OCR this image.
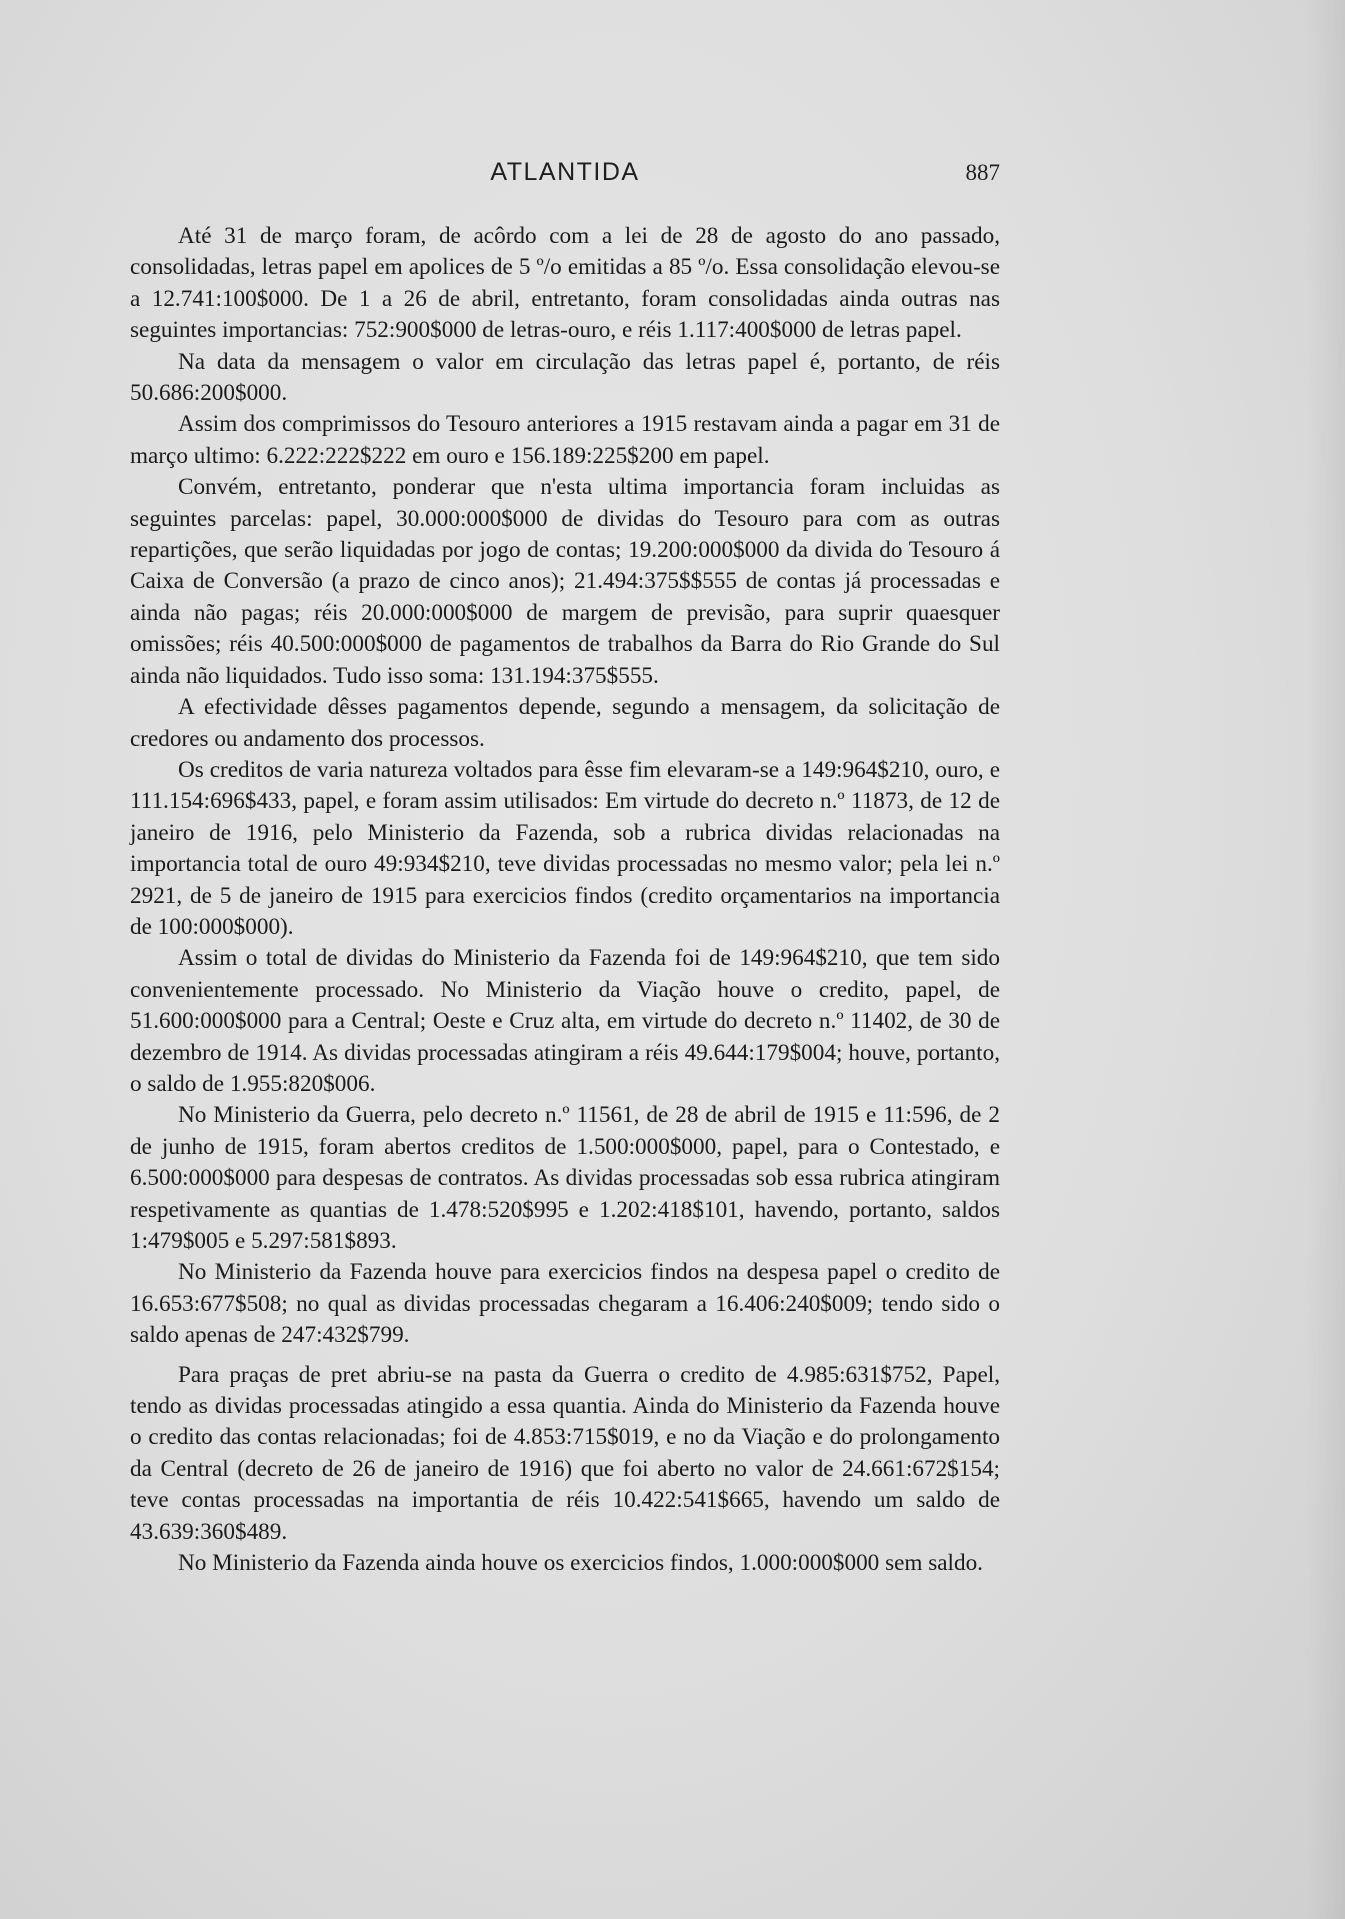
ATLANTIDA	887

Até 31 de março foram, de acôrdo com a lei de 28 de agosto do ano passado, consolidadas, letras papel em apolices de 5 º/o emitidas a 85 º/o. Essa consolidação elevou-se a 12.741:100$000. De 1 a 26 de abril, entretanto, foram consolidadas ainda outras nas seguintes importancias: 752:900$000 de letras-ouro, e réis 1.117:400$000 de letras papel.

Na data da mensagem o valor em circulação das letras papel é, portanto, de réis 50.686:200$000.

Assim dos comprimissos do Tesouro anteriores a 1915 restavam ainda a pagar em 31 de março ultimo: 6.222:222$222 em ouro e 156.189:225$200 em papel.

Convém, entretanto, ponderar que n'esta ultima importancia foram incluidas as seguintes parcelas: papel, 30.000:000$000 de dividas do Tesouro para com as outras repartições, que serão liquidadas por jogo de contas; 19.200:000$000 da divida do Tesouro á Caixa de Conversão (a prazo de cinco anos); 21.494:375$$555 de contas já processadas e ainda não pagas; réis 20.000:000$000 de margem de previsão, para suprir quaesquer omissões; réis 40.500:000$000 de pagamentos de trabalhos da Barra do Rio Grande do Sul ainda não liquidados. Tudo isso soma: 131.194:375$555.

A efectividade dêsses pagamentos depende, segundo a mensagem, da solicitação de credores ou andamento dos processos.

Os creditos de varia natureza voltados para êsse fim elevaram-se a 149:964$210, ouro, e 111.154:696$433, papel, e foram assim utilisados: Em virtude do decreto n.º 11873, de 12 de janeiro de 1916, pelo Ministerio da Fazenda, sob a rubrica dividas relacionadas na importancia total de ouro 49:934$210, teve dividas processadas no mesmo valor; pela lei n.º 2921, de 5 de janeiro de 1915 para exercicios findos (credito orçamentarios na importancia de 100:000$000).

Assim o total de dividas do Ministerio da Fazenda foi de 149:964$210, que tem sido convenientemente processado. No Ministerio da Viação houve o credito, papel, de 51.600:000$000 para a Central; Oeste e Cruz alta, em virtude do decreto n.º 11402, de 30 de dezembro de 1914. As dividas processadas atingiram a réis 49.644:179$004; houve, portanto, o saldo de 1.955:820$006.

No Ministerio da Guerra, pelo decreto n.º 11561, de 28 de abril de 1915 e 11:596, de 2 de junho de 1915, foram abertos creditos de 1.500:000$000, papel, para o Contestado, e 6.500:000$000 para despesas de contratos. As dividas processadas sob essa rubrica atingiram respetivamente as quantias de 1.478:520$995 e 1.202:418$101, havendo, portanto, saldos 1:479$005 e 5.297:581$893.

No Ministerio da Fazenda houve para exercicios findos na despesa papel o credito de 16.653:677$508; no qual as dividas processadas chegaram a 16.406:240$009; tendo sido o saldo apenas de 247:432$799.

Para praças de pret abriu-se na pasta da Guerra o credito de 4.985:631$752, Papel, tendo as dividas processadas atingido a essa quantia. Ainda do Ministerio da Fazenda houve o credito das contas relacionadas; foi de 4.853:715$019, e no da Viação e do prolongamento da Central (decreto de 26 de janeiro de 1916) que foi aberto no valor de 24.661:672$154; teve contas processadas na importantia de réis 10.422:541$665, havendo um saldo de 43.639:360$489.

No Ministerio da Fazenda ainda houve os exercicios findos, 1.000:000$000 sem saldo.
